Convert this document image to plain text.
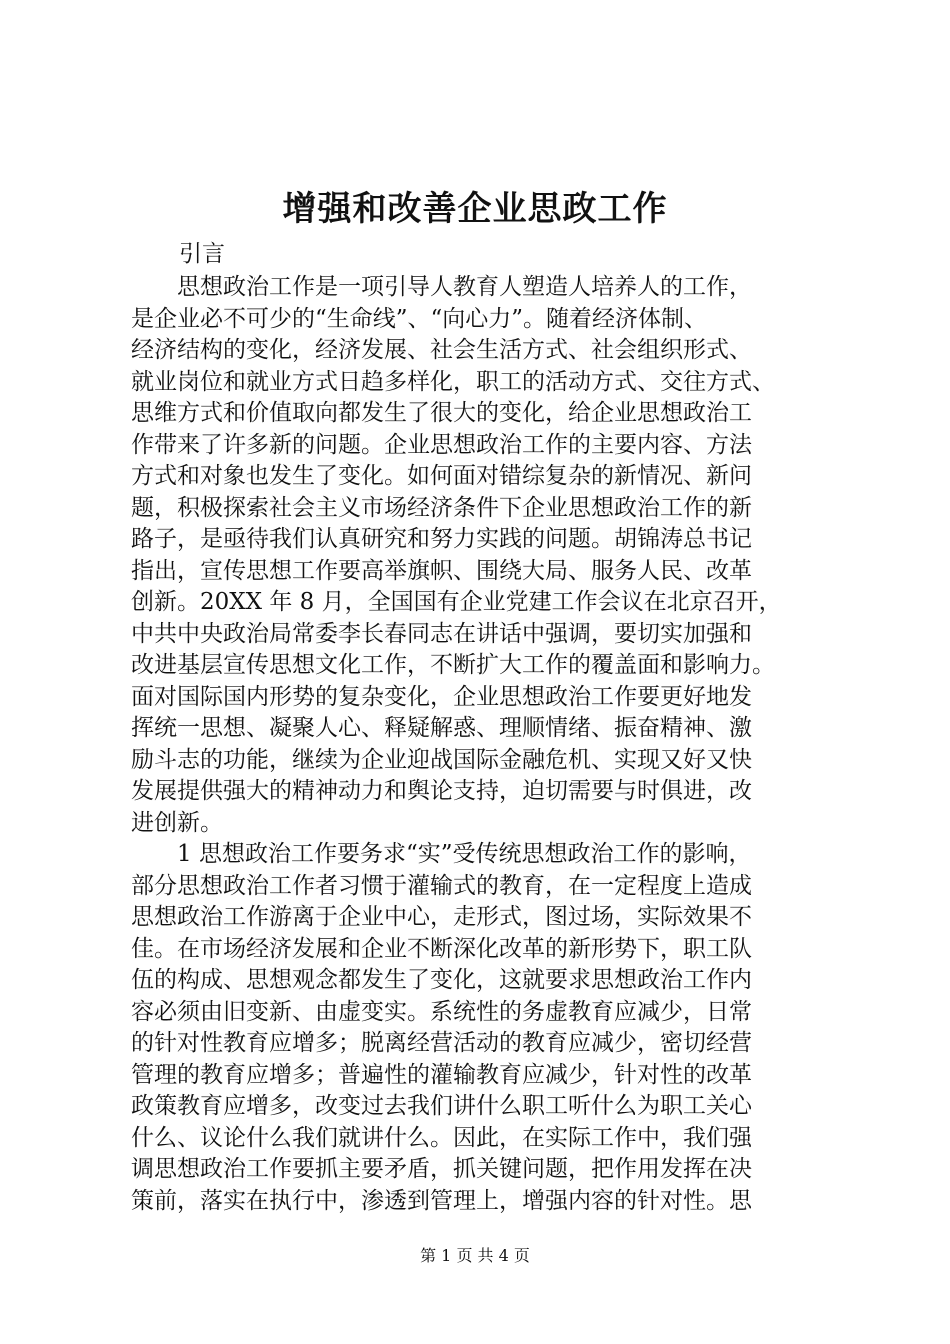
增强和改善企业思政工作

引言

　　思想政治工作是一项引导人教育人塑造人培养人的工作，
是企业必不可少的“生命线”、“向心力”。随着经济体制、
经济结构的变化，经济发展、社会生活方式、社会组织形式、
就业岗位和就业方式日趋多样化，职工的活动方式、交往方式、
思维方式和价值取向都发生了很大的变化，给企业思想政治工
作带来了许多新的问题。企业思想政治工作的主要内容、方法
方式和对象也发生了变化。如何面对错综复杂的新情况、新问
题，积极探索社会主义市场经济条件下企业思想政治工作的新
路子，是亟待我们认真研究和努力实践的问题。胡锦涛总书记
指出，宣传思想工作要高举旗帜、围绕大局、服务人民、改革
创新。20XX 年 8 月，全国国有企业党建工作会议在北京召开，
中共中央政治局常委李长春同志在讲话中强调，要切实加强和
改进基层宣传思想文化工作，不断扩大工作的覆盖面和影响力。
面对国际国内形势的复杂变化，企业思想政治工作要更好地发
挥统一思想、凝聚人心、释疑解惑、理顺情绪、振奋精神、激
励斗志的功能，继续为企业迎战国际金融危机、实现又好又快
发展提供强大的精神动力和舆论支持，迫切需要与时俱进，改
进创新。
　　1 思想政治工作要务求“实”受传统思想政治工作的影响，
部分思想政治工作者习惯于灌输式的教育，在一定程度上造成
思想政治工作游离于企业中心，走形式，图过场，实际效果不
佳。在市场经济发展和企业不断深化改革的新形势下，职工队
伍的构成、思想观念都发生了变化，这就要求思想政治工作内
容必须由旧变新、由虚变实。系统性的务虚教育应减少，日常
的针对性教育应增多；脱离经营活动的教育应减少，密切经营
管理的教育应增多；普遍性的灌输教育应减少，针对性的改革
政策教育应增多，改变过去我们讲什么职工听什么为职工关心
什么、议论什么我们就讲什么。因此，在实际工作中，我们强
调思想政治工作要抓主要矛盾，抓关键问题，把作用发挥在决
策前，落实在执行中，渗透到管理上，增强内容的针对性。思

第 1 页 共 4 页
